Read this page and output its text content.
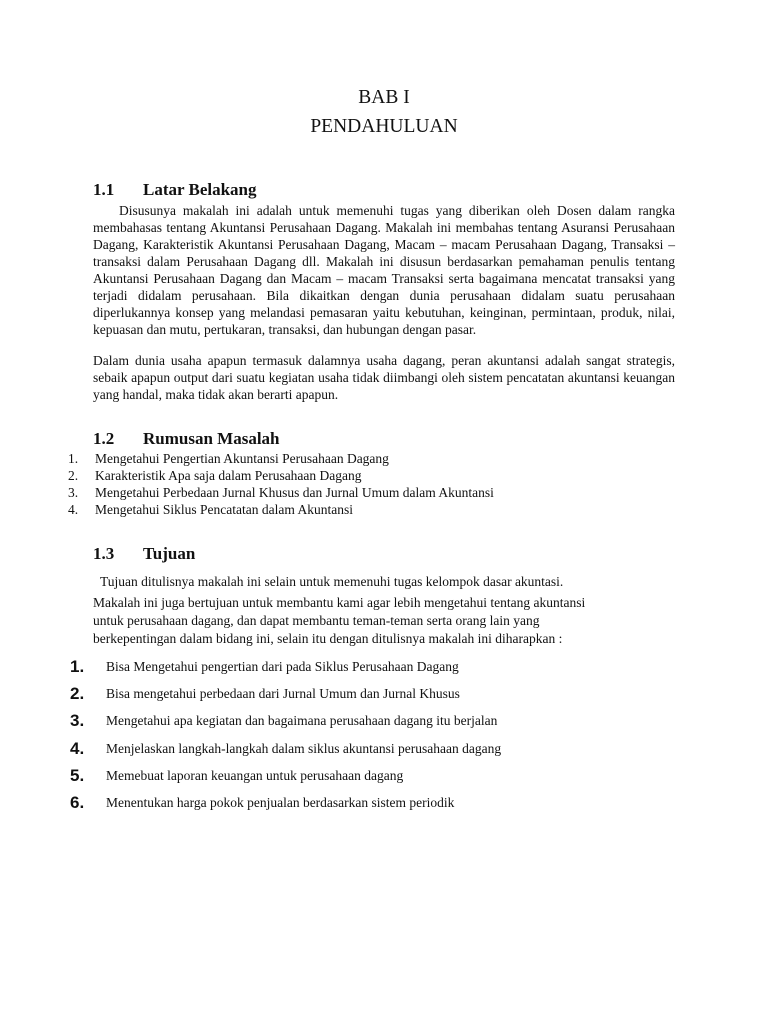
BAB I
PENDAHULUAN
1.1 Latar Belakang
Disusunya makalah ini adalah untuk memenuhi tugas yang diberikan oleh Dosen dalam rangka membahasas tentang Akuntansi Perusahaan Dagang. Makalah ini membahas tentang Asuransi Perusahaan Dagang, Karakteristik Akuntansi Perusahaan Dagang, Macam – macam Perusahaan Dagang, Transaksi – transaksi dalam Perusahaan Dagang dll. Makalah ini disusun berdasarkan pemahaman penulis tentang Akuntansi Perusahaan Dagang dan Macam – macam Transaksi serta bagaimana mencatat transaksi yang terjadi didalam perusahaan. Bila dikaitkan dengan dunia perusahaan didalam suatu perusahaan diperlukannya konsep yang melandasi pemasaran yaitu kebutuhan, keinginan, permintaan, produk, nilai, kepuasan dan mutu, pertukaran, transaksi, dan hubungan dengan pasar.
Dalam dunia usaha apapun termasuk dalamnya usaha dagang, peran akuntansi adalah sangat strategis, sebaik apapun output dari suatu kegiatan usaha tidak diimbangi oleh sistem pencatatan akuntansi keuangan yang handal, maka tidak akan berarti apapun.
1.2 Rumusan Masalah
1.	Mengetahui Pengertian Akuntansi Perusahaan Dagang
2.	Karakteristik Apa saja dalam Perusahaan Dagang
3.	Mengetahui Perbedaan Jurnal Khusus dan Jurnal Umum dalam Akuntansi
4.	Mengetahui Siklus Pencatatan dalam Akuntansi
1.3 Tujuan
Tujuan ditulisnya makalah ini selain untuk memenuhi tugas kelompok dasar akuntasi.
Makalah ini juga bertujuan untuk membantu kami agar lebih mengetahui tentang akuntansi
untuk perusahaan dagang, dan dapat membantu teman-teman serta orang lain yang
berkepentingan dalam bidang ini, selain itu dengan ditulisnya makalah ini diharapkan :
1.	Bisa Mengetahui pengertian dari pada Siklus Perusahaan Dagang
2.	Bisa mengetahui perbedaan dari Jurnal Umum dan Jurnal Khusus
3.	Mengetahui apa kegiatan dan bagaimana perusahaan dagang itu berjalan
4.	Menjelaskan langkah-langkah dalam siklus akuntansi perusahaan dagang
5.	Memebuat laporan keuangan untuk perusahaan dagang
6.	Menentukan harga pokok penjualan berdasarkan sistem periodik
